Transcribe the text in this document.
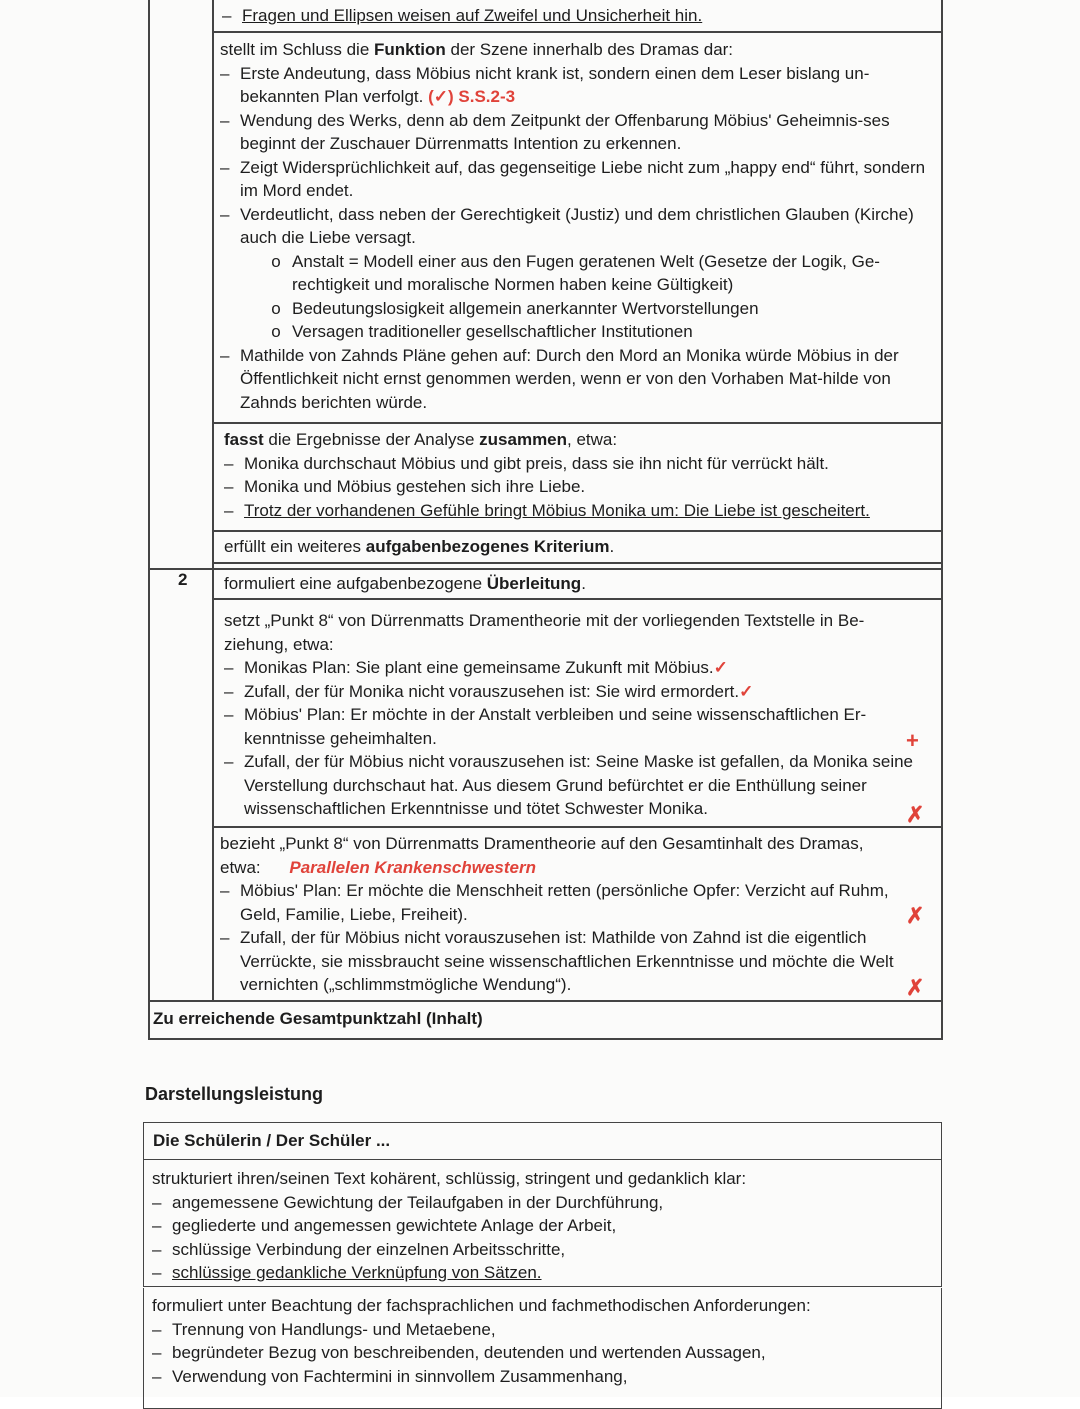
– Fragen und Ellipsen weisen auf Zweifel und Unsicherheit hin.

stellt im Schluss die Funktion der Szene innerhalb des Dramas dar:

– Erste Andeutung, dass Möbius nicht krank ist, sondern einen dem Leser bislang un-bekannten Plan verfolgt. (✓) S.S.2-3
– Wendung des Werks, denn ab dem Zeitpunkt der Offenbarung Möbius' Geheimnis-ses beginnt der Zuschauer Dürrenmatts Intention zu erkennen.
– Zeigt Widersprüchlichkeit auf, das gegenseitige Liebe nicht zum „happy end“ führt, sondern im Mord endet.
– Verdeutlicht, dass neben der Gerechtigkeit (Justiz) und dem christlichen Glauben (Kirche) auch die Liebe versagt.
o Anstalt = Modell einer aus den Fugen geratenen Welt (Gesetze der Logik, Ge-rechtigkeit und moralische Normen haben keine Gültigkeit)
o Bedeutungslosigkeit allgemein anerkannter Wertvorstellungen
o Versagen traditioneller gesellschaftlicher Institutionen
– Mathilde von Zahnds Pläne gehen auf: Durch den Mord an Monika würde Möbius in der Öffentlichkeit nicht ernst genommen werden, wenn er von den Vorhaben Mat-hilde von Zahnds berichten würde.

fasst die Ergebnisse der Analyse zusammen, etwa:

– Monika durchschaut Möbius und gibt preis, dass sie ihn nicht für verrückt hält.
– Monika und Möbius gestehen sich ihre Liebe.
– Trotz der vorhandenen Gefühle bringt Möbius Monika um: Die Liebe ist gescheitert.

erfüllt ein weiteres aufgabenbezogenes Kriterium.

2 formuliert eine aufgabenbezogene Überleitung.

setzt „Punkt 8“ von Dürrenmatts Dramentheorie mit der vorliegenden Textstelle in Be-ziehung, etwa:

– Monikas Plan: Sie plant eine gemeinsame Zukunft mit Möbius.✓
– Zufall, der für Monika nicht vorauszusehen ist: Sie wird ermordert.✓
– Möbius' Plan: Er möchte in der Anstalt verbleiben und seine wissenschaftlichen Er-kenntnisse geheimhalten.
– Zufall, der für Möbius nicht vorauszusehen ist: Seine Maske ist gefallen, da Monika seine Verstellung durchschaut hat. Aus diesem Grund befürchtet er die Enthüllung seiner wissenschaftlichen Erkenntnisse und tötet Schwester Monika.
+
✗

bezieht „Punkt 8“ von Dürrenmatts Dramentheorie auf den Gesamtinhalt des Dramas,

etwa: Parallelen Krankenschwestern

– Möbius' Plan: Er möchte die Menschheit retten (persönliche Opfer: Verzicht auf Ruhm, Geld, Familie, Liebe, Freiheit).
– Zufall, der für Möbius nicht vorauszusehen ist: Mathilde von Zahnd ist die eigentlich Verrückte, sie missbraucht seine wissenschaftlichen Erkenntnisse und möchte die Welt vernichten („schlimmstmögliche Wendung“).
✗
✗
Zu erreichende Gesamtpunktzahl (Inhalt)
Darstellungsleistung
Die Schülerin / Der Schüler ...

strukturiert ihren/seinen Text kohärent, schlüssig, stringent und gedanklich klar:

– angemessene Gewichtung der Teilaufgaben in der Durchführung,
– gegliederte und angemessen gewichtete Anlage der Arbeit,
– schlüssige Verbindung der einzelnen Arbeitsschritte,
– schlüssige gedankliche Verknüpfung von Sätzen.

formuliert unter Beachtung der fachsprachlichen und fachmethodischen Anforderungen:

– Trennung von Handlungs- und Metaebene,
– begründeter Bezug von beschreibenden, deutenden und wertenden Aussagen,
– Verwendung von Fachtermini in sinnvollem Zusammenhang,
